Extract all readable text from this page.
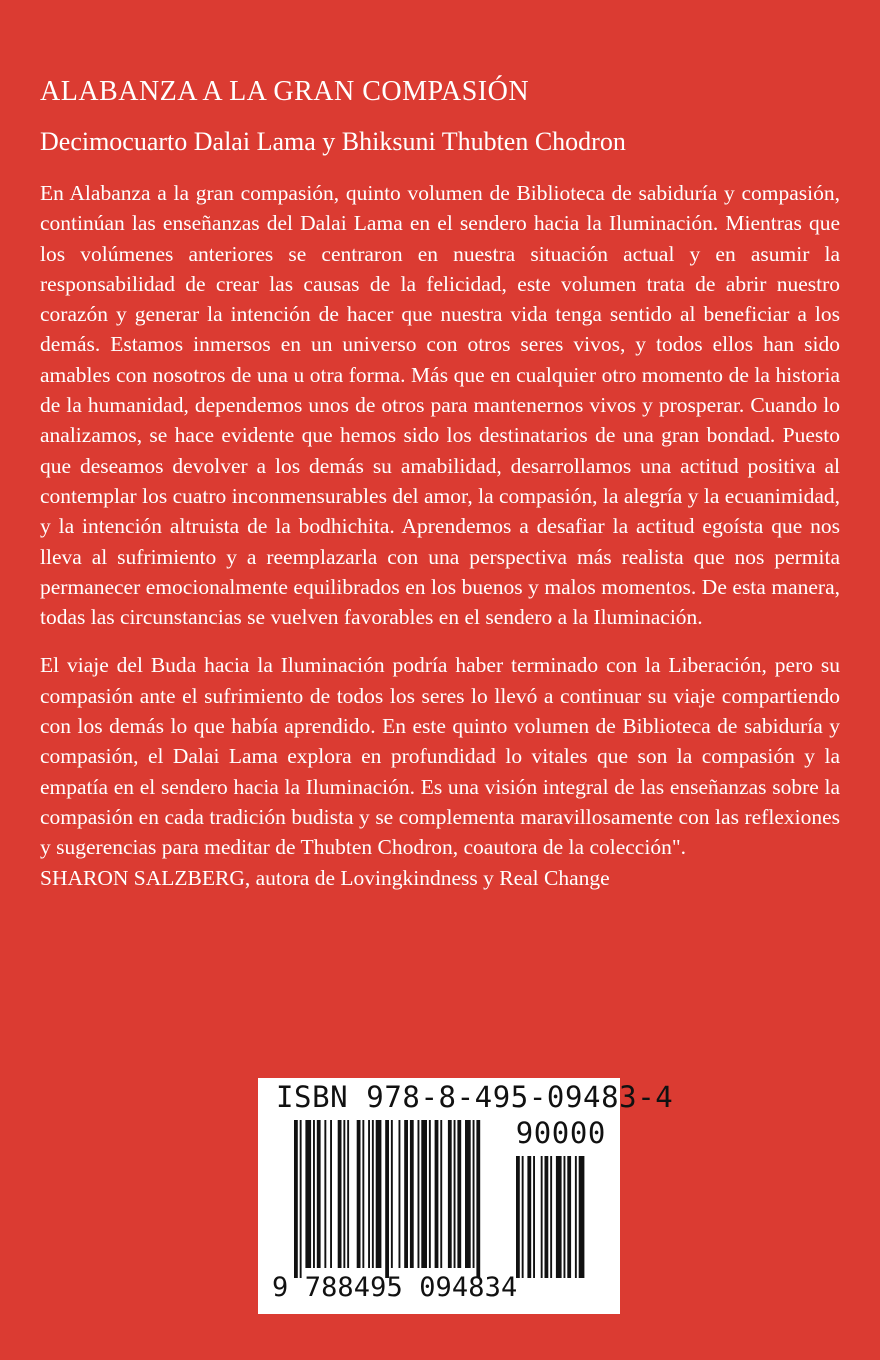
ALABANZA A LA GRAN COMPASIÓN
Decimocuarto Dalai Lama y Bhiksuni Thubten Chodron

En Alabanza a la gran compasión, quinto volumen de Biblioteca de sabiduría y compasión, continúan las enseñanzas del Dalai Lama en el sendero hacia la Iluminación. Mientras que los volúmenes anteriores se centraron en nuestra situación actual y en asumir la responsabilidad de crear las causas de la felicidad, este volumen trata de abrir nuestro corazón y generar la intención de hacer que nuestra vida tenga sentido al beneficiar a los demás. Estamos inmersos en un universo con otros seres vivos, y todos ellos han sido amables con nosotros de una u otra forma. Más que en cualquier otro momento de la historia de la humanidad, dependemos unos de otros para mantenernos vivos y prosperar. Cuando lo analizamos, se hace evidente que hemos sido los destinatarios de una gran bondad. Puesto que deseamos devolver a los demás su amabilidad, desarrollamos una actitud positiva al contemplar los cuatro inconmensurables del amor, la compasión, la alegría y la ecuanimidad, y la intención altruista de la bodhichita. Aprendemos a desafiar la actitud egoísta que nos lleva al sufrimiento y a reemplazarla con una perspectiva más realista que nos permita permanecer emocionalmente equilibrados en los buenos y malos momentos. De esta manera, todas las circunstancias se vuelven favorables en el sendero a la Iluminación.

El viaje del Buda hacia la Iluminación podría haber terminado con la Liberación, pero su compasión ante el sufrimiento de todos los seres lo llevó a continuar su viaje compartiendo con los demás lo que había aprendido. En este quinto volumen de Biblioteca de sabiduría y compasión, el Dalai Lama explora en profundidad lo vitales que son la compasión y la empatía en el sendero hacia la Iluminación. Es una visión integral de las enseñanzas sobre la compasión en cada tradición budista y se complementa maravillosamente con las reflexiones y sugerencias para meditar de Thubten Chodron, coautora de la colección".

SHARON SALZBERG, autora de Lovingkindness y Real Change

ISBN 978-8-495-09483-4
90000
9 788495 094834
